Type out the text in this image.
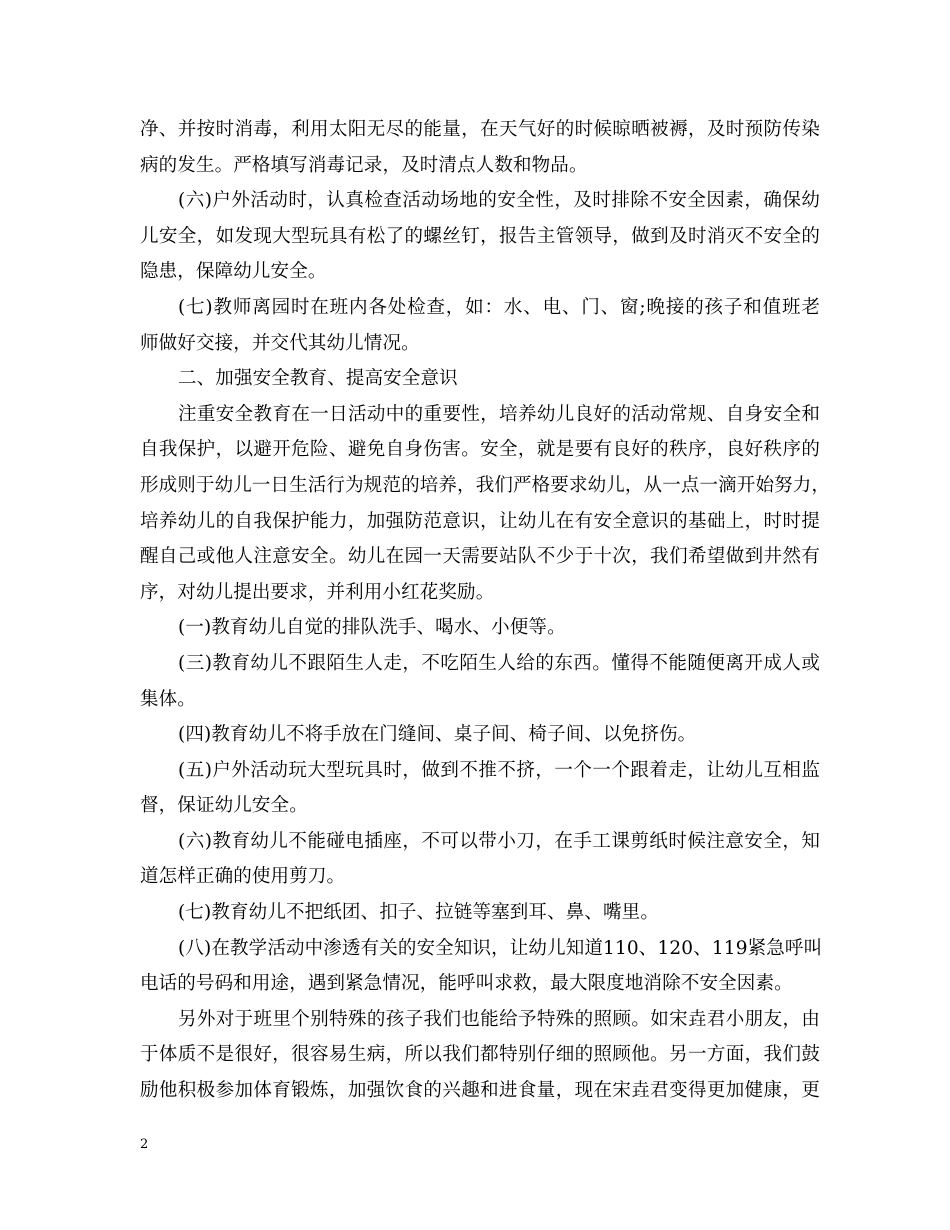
净、并按时消毒，利用太阳无尽的能量，在天气好的时候晾晒被褥，及时预防传染
病的发生。严格填写消毒记录，及时清点人数和物品。
(六)户外活动时，认真检查活动场地的安全性，及时排除不安全因素，确保幼
儿安全，如发现大型玩具有松了的螺丝钉，报告主管领导，做到及时消灭不安全的
隐患，保障幼儿安全。
(七)教师离园时在班内各处检查，如：水、电、门、窗;晚接的孩子和值班老
师做好交接，并交代其幼儿情况。
二、加强安全教育、提高安全意识
注重安全教育在一日活动中的重要性，培养幼儿良好的活动常规、自身安全和
自我保护，以避开危险、避免自身伤害。安全，就是要有良好的秩序，良好秩序的
形成则于幼儿一日生活行为规范的培养，我们严格要求幼儿，从一点一滴开始努力，
培养幼儿的自我保护能力，加强防范意识，让幼儿在有安全意识的基础上，时时提
醒自己或他人注意安全。幼儿在园一天需要站队不少于十次，我们希望做到井然有
序，对幼儿提出要求，并利用小红花奖励。
(一)教育幼儿自觉的排队洗手、喝水、小便等。
(三)教育幼儿不跟陌生人走，不吃陌生人给的东西。懂得不能随便离开成人或
集体。
(四)教育幼儿不将手放在门缝间、桌子间、椅子间、以免挤伤。
(五)户外活动玩大型玩具时，做到不推不挤，一个一个跟着走，让幼儿互相监
督，保证幼儿安全。
(六)教育幼儿不能碰电插座，不可以带小刀，在手工课剪纸时候注意安全，知
道怎样正确的使用剪刀。
(七)教育幼儿不把纸团、扣子、拉链等塞到耳、鼻、嘴里。
(八)在教学活动中渗透有关的安全知识，让幼儿知道110、120、119紧急呼叫
电话的号码和用途，遇到紧急情况，能呼叫求救，最大限度地消除不安全因素。
另外对于班里个别特殊的孩子我们也能给予特殊的照顾。如宋垚君小朋友，由
于体质不是很好，很容易生病，所以我们都特别仔细的照顾他。另一方面，我们鼓
励他积极参加体育锻炼，加强饮食的兴趣和进食量，现在宋垚君变得更加健康，更
2
